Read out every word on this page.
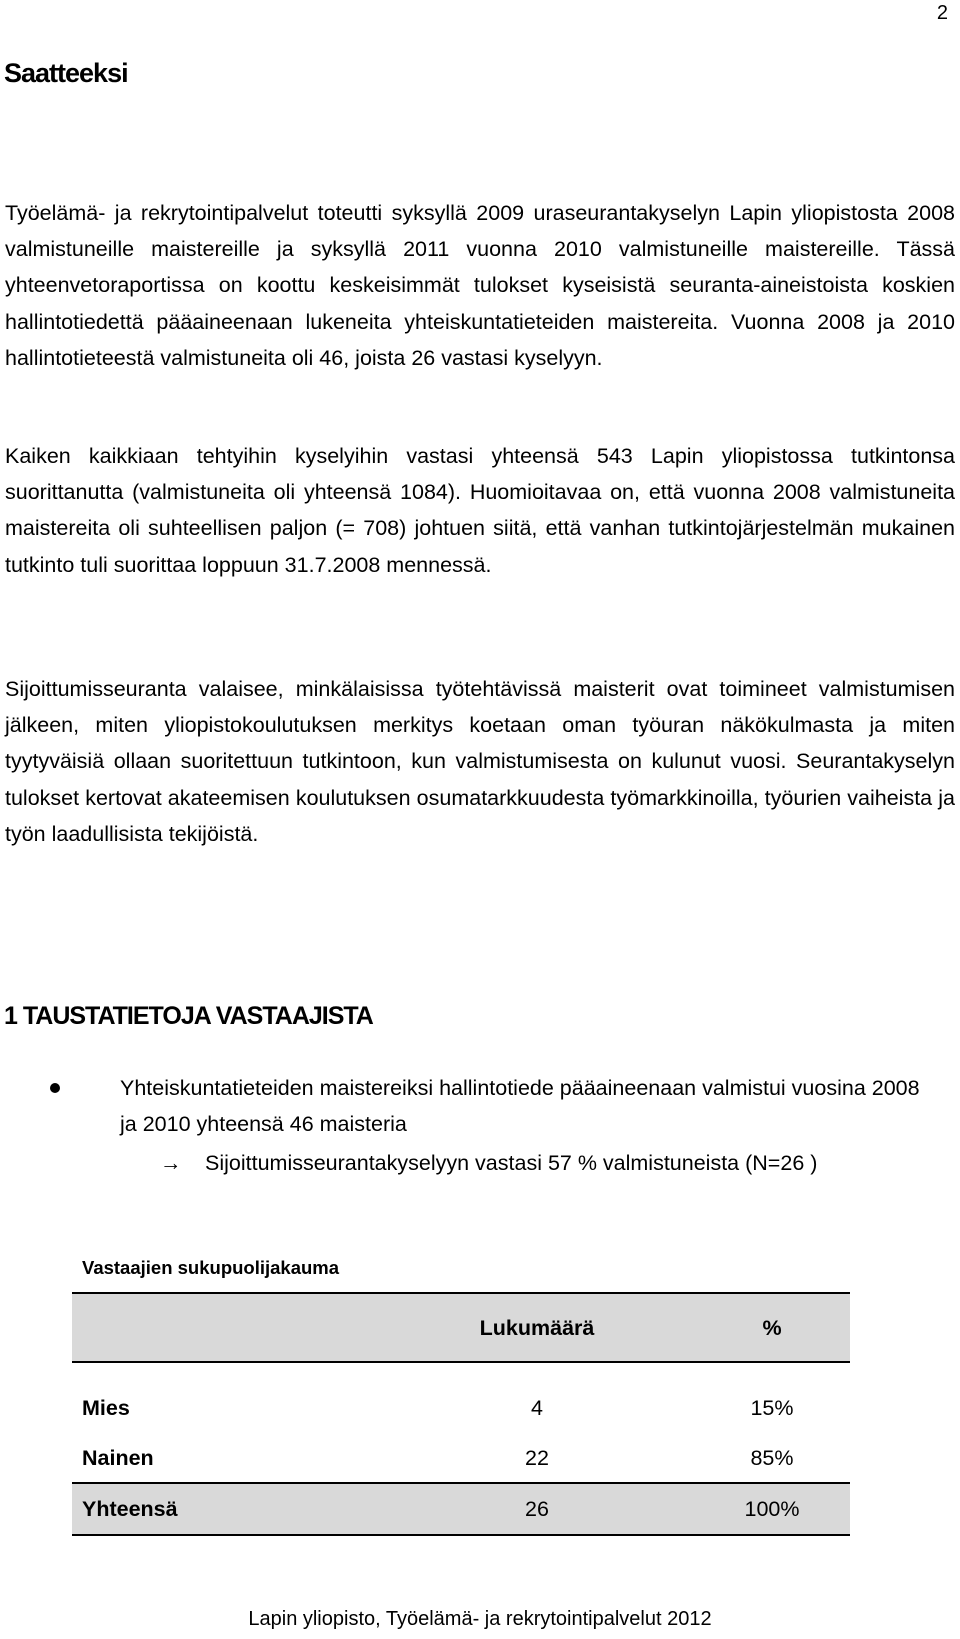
2
Saatteeksi

Työelämä- ja rekrytointipalvelut toteutti syksyllä 2009 uraseurantakyselyn Lapin yliopistosta 2008 valmistuneille maistereille ja syksyllä 2011 vuonna 2010 valmistuneille maistereille. Tässä yhteenvetoraportissa on koottu keskeisimmät tulokset kyseisistä seuranta-aineistoista koskien hallintotiedettä pääaineenaan lukeneita yhteiskuntatieteiden maistereita. Vuonna 2008 ja 2010 hallintotieteestä valmistuneita oli 46, joista 26 vastasi kyselyyn.

Kaiken kaikkiaan tehtyihin kyselyihin vastasi yhteensä 543 Lapin yliopistossa tutkintonsa suorittanutta (valmistuneita oli yhteensä 1084). Huomioitavaa on, että vuonna 2008 valmistuneita maistereita oli suhteellisen paljon (= 708) johtuen siitä, että vanhan tutkintojärjestelmän mukainen tutkinto tuli suorittaa loppuun 31.7.2008 mennessä.

Sijoittumisseuranta valaisee, minkälaisissa työtehtävissä maisterit ovat toimineet valmistumisen jälkeen, miten yliopistokoulutuksen merkitys koetaan oman työuran näkökulmasta ja miten tyytyväisiä ollaan suoritettuun tutkintoon, kun valmistumisesta on kulunut vuosi. Seurantakyselyn tulokset kertovat akateemisen koulutuksen osumatarkkuudesta työmarkkinoilla, työurien vaiheista ja työn laadullisista tekijöistä.

1 TAUSTATIETOJA VASTAAJISTA
Yhteiskuntatieteiden maistereiksi hallintotiede pääaineenaan valmistui vuosina 2008 ja 2010 yhteensä 46 maisteria
→ Sijoittumisseurantakyselyyn vastasi 57 % valmistuneista (N=26 )
Vastaajien sukupuolijakauma
Lukumäärä	%
Mies	4	15%
Nainen	22	85%
Yhteensä	26	100%
Lapin yliopisto, Työelämä- ja rekrytointipalvelut 2012
